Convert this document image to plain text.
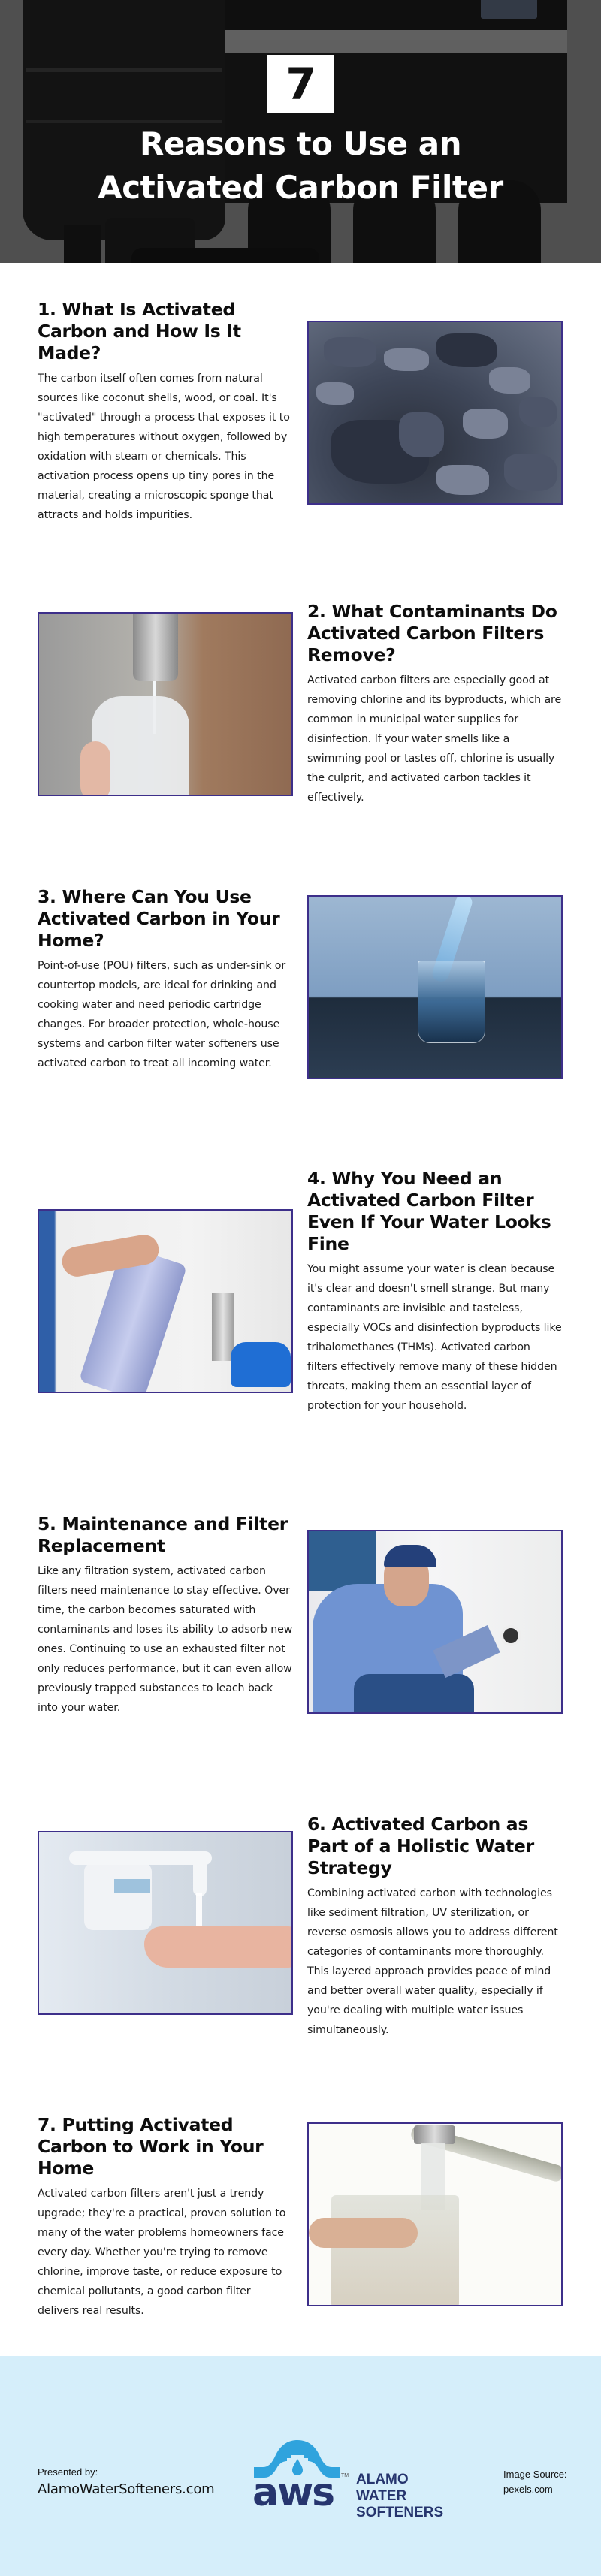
7
Reasons to Use an
Activated Carbon Filter
1. What Is Activated Carbon and How Is It Made?

The carbon itself often comes from natural sources like coconut shells, wood, or coal. It's "activated" through a process that exposes it to high temperatures without oxygen, followed by oxidation with steam or chemicals. This activation process opens up tiny pores in the material, creating a microscopic sponge that attracts and holds impurities.

2. What Contaminants Do Activated Carbon Filters Remove?

Activated carbon filters are especially good at removing chlorine and its byproducts, which are common in municipal water supplies for disinfection. If your water smells like a swimming pool or tastes off, chlorine is usually the culprit, and activated carbon tackles it effectively.

3. Where Can You Use Activated Carbon in Your Home?

Point-of-use (POU) filters, such as under-sink or countertop models, are ideal for drinking and cooking water and need periodic cartridge changes. For broader protection, whole-house systems and carbon filter water softeners use activated carbon to treat all incoming water.

4. Why You Need an Activated Carbon Filter Even If Your Water Looks Fine

You might assume your water is clean because it's clear and doesn't smell strange. But many contaminants are invisible and tasteless, especially VOCs and disinfection byproducts like trihalomethanes (THMs). Activated carbon filters effectively remove many of these hidden threats, making them an essential layer of protection for your household.

5. Maintenance and Filter Replacement

Like any filtration system, activated carbon filters need maintenance to stay effective. Over time, the carbon becomes saturated with contaminants and loses its ability to adsorb new ones. Continuing to use an exhausted filter not only reduces performance, but it can even allow previously trapped substances to leach back into your water.

6. Activated Carbon as Part of a Holistic Water Strategy

Combining activated carbon with technologies like sediment filtration, UV sterilization, or reverse osmosis allows you to address different categories of contaminants more thoroughly. This layered approach provides peace of mind and better overall water quality, especially if you're dealing with multiple water issues simultaneously.

7. Putting Activated Carbon to Work in Your Home

Activated carbon filters aren't just a trendy upgrade; they're a practical, proven solution to many of the water problems homeowners face every day. Whether you're trying to remove chlorine, improve taste, or reduce exposure to chemical pollutants, a good carbon filter delivers real results.

Presented by:
AlamoWaterSofteners.com aws TM ALAMO
WATER
SOFTENERS
Image Source:
pexels.com
